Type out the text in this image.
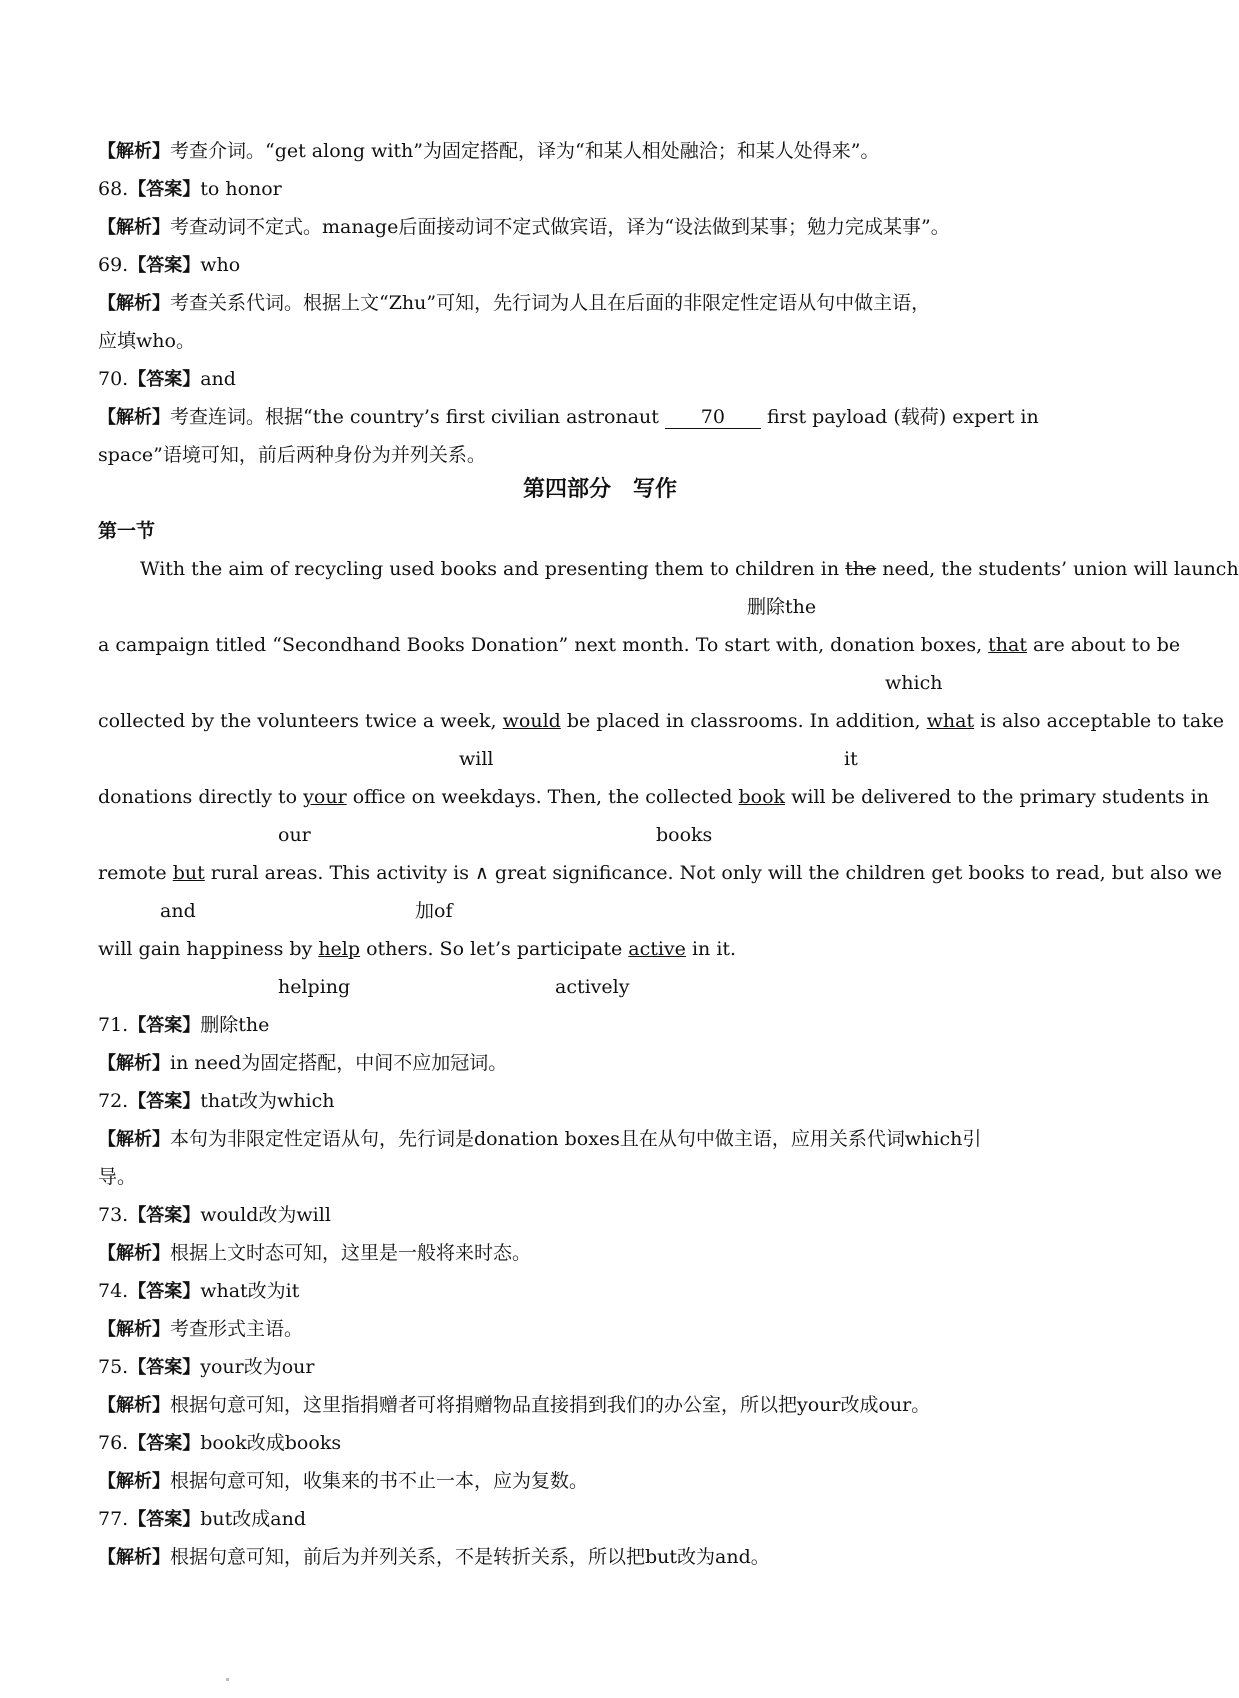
【解析】考查介词。“get along with”为固定搭配，译为“和某人相处融洽；和某人处得来”。
68.【答案】to honor
【解析】考查动词不定式。manage后面接动词不定式做宾语，译为“设法做到某事；勉力完成某事”。
69.【答案】who
【解析】考查关系代词。根据上文“Zhu”可知，先行词为人且在后面的非限定性定语从句中做主语，
应填who。
70.【答案】and
【解析】考查连词。根据“the country’s first civilian astronaut 70 first payload (载荷) expert in
space”语境可知，前后两种身份为并列关系。
第四部分　写作
第一节
With the aim of recycling used books and presenting them to children in the need, the students’ union will launch
删除the
a campaign titled “Secondhand Books Donation” next month. To start with, donation boxes, that are about to be
which
collected by the volunteers twice a week, would be placed in classrooms. In addition, what is also acceptable to take
will	it
donations directly to your office on weekdays. Then, the collected book will be delivered to the primary students in
our	books
remote but rural areas. This activity is ∧ great significance. Not only will the children get books to read, but also we
and	加of
will gain happiness by help others. So let’s participate active in it.
helping	actively
71.【答案】删除the
【解析】in need为固定搭配，中间不应加冠词。
72.【答案】that改为which
【解析】本句为非限定性定语从句，先行词是donation boxes且在从句中做主语，应用关系代词which引
导。
73.【答案】would改为will
【解析】根据上文时态可知，这里是一般将来时态。
74.【答案】what改为it
【解析】考查形式主语。
75.【答案】your改为our
【解析】根据句意可知，这里指捐赠者可将捐赠物品直接捐到我们的办公室，所以把your改成our。
76.【答案】book改成books
【解析】根据句意可知，收集来的书不止一本，应为复数。
77.【答案】but改成and
【解析】根据句意可知，前后为并列关系，不是转折关系，所以把but改为and。
